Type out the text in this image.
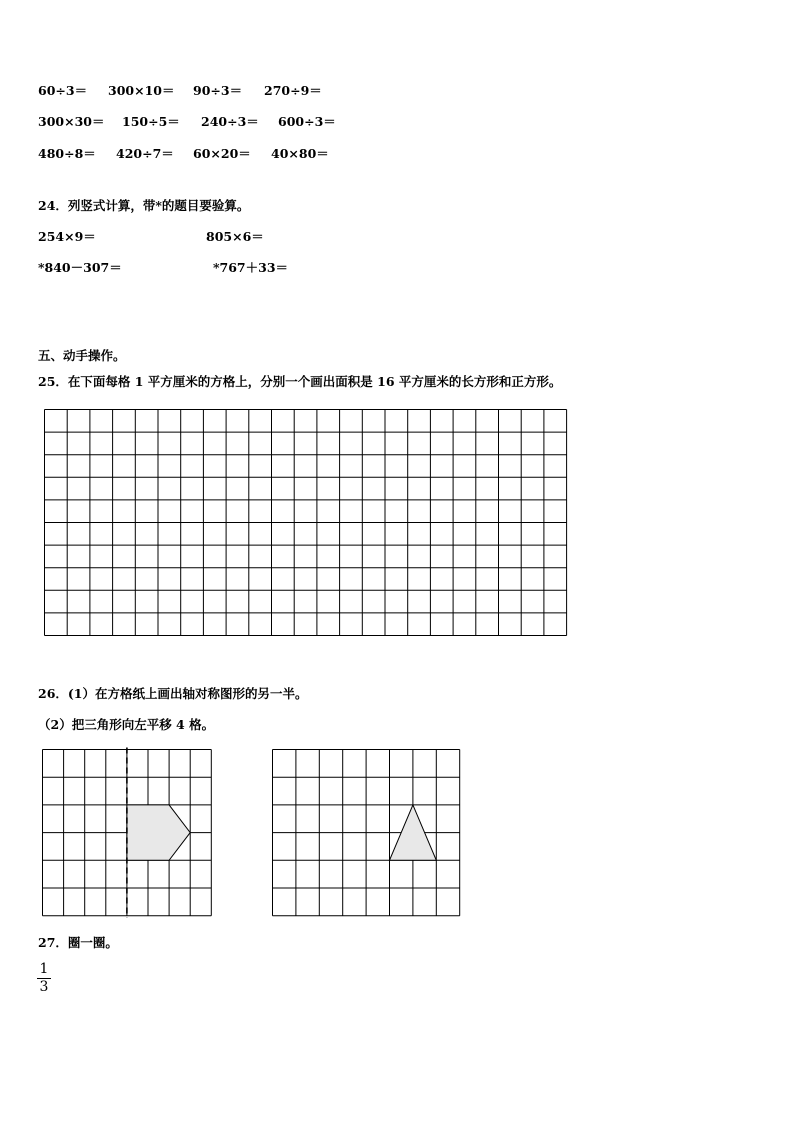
60÷3＝ 300×10＝ 90÷3＝ 270÷9＝
300×30＝ 150÷5＝ 240÷3＝ 600÷3＝
480÷8＝ 420÷7＝ 60×20＝ 40×80＝
24．列竖式计算，带*的题目要验算。
254×9＝	805×6＝
*840－307＝	*767＋33＝
五、动手操作。
25．在下面每格 1 平方厘米的方格上，分别一个画出面积是 16 平方厘米的长方形和正方形。
26．(1）在方格纸上画出轴对称图形的另一半。
（2）把三角形向左平移 4 格。
27．圈一圈。
1
3
